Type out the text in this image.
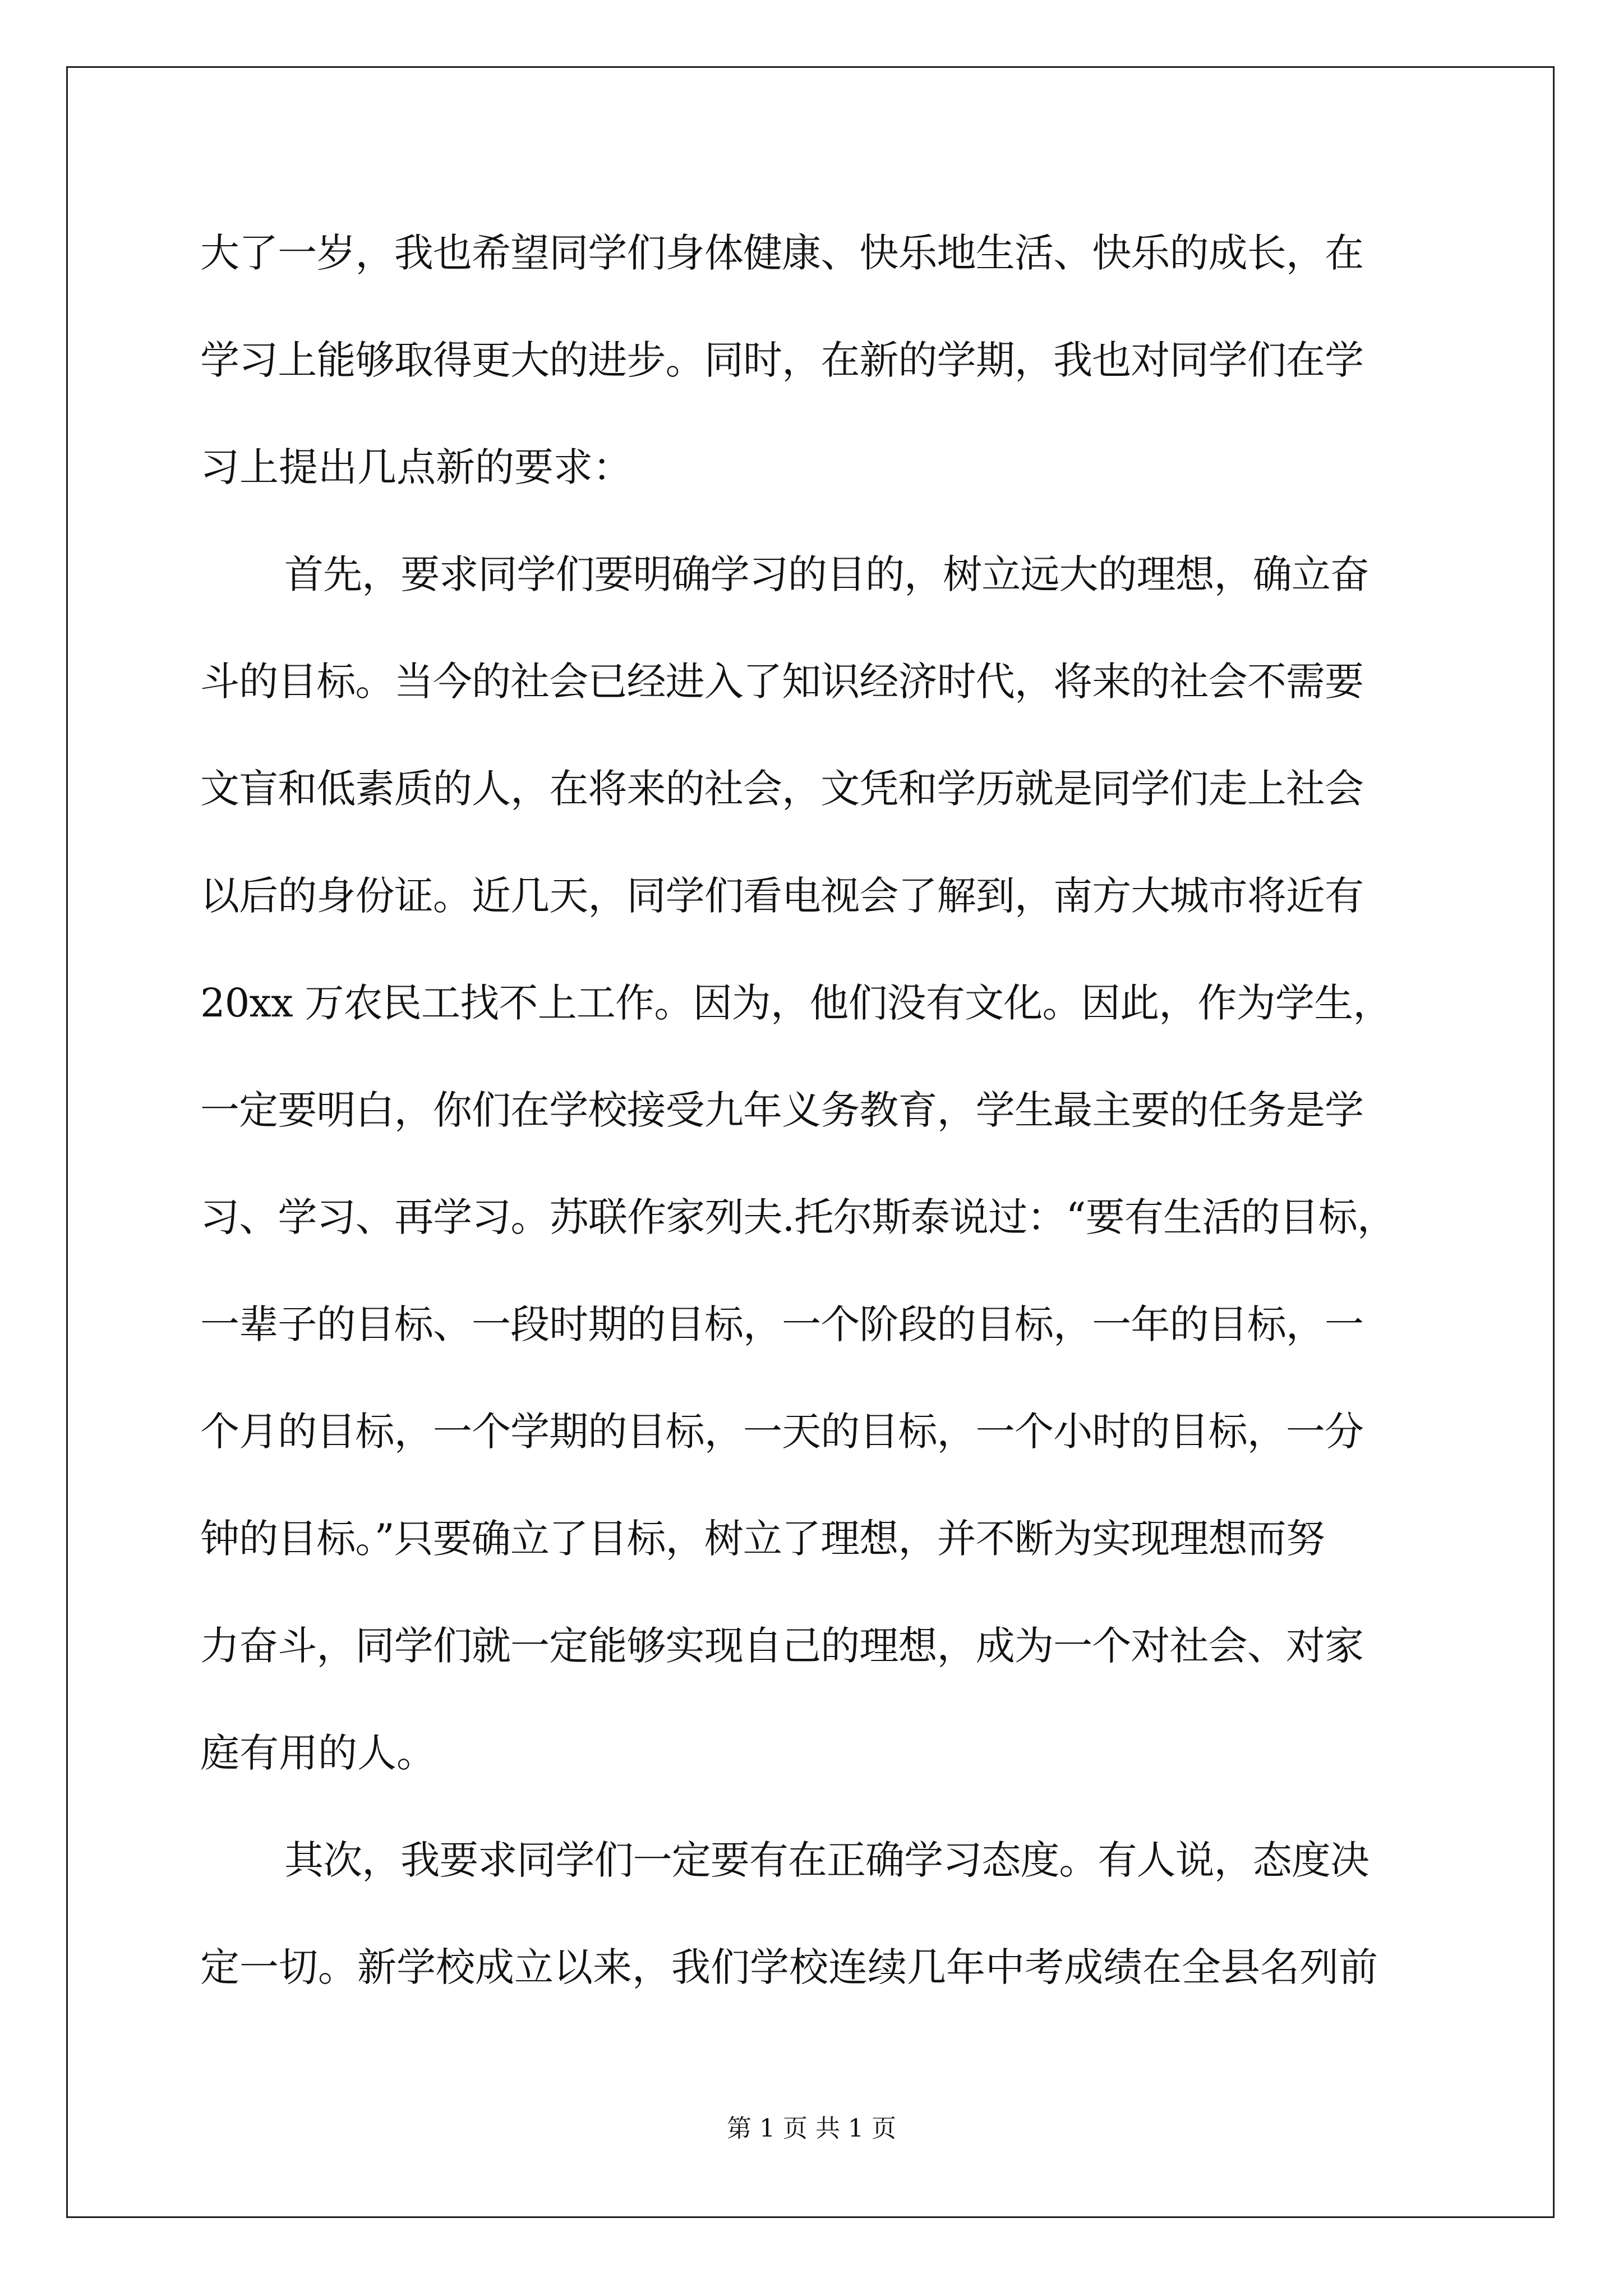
大了一岁，我也希望同学们身体健康、快乐地生活、快乐的成长，在
学习上能够取得更大的进步。同时，在新的学期，我也对同学们在学
习上提出几点新的要求：
首先，要求同学们要明确学习的目的，树立远大的理想，确立奋
斗的目标。当今的社会已经进入了知识经济时代，将来的社会不需要
文盲和低素质的人，在将来的社会，文凭和学历就是同学们走上社会
以后的身份证。近几天，同学们看电视会了解到，南方大城市将近有
20xx 万农民工找不上工作。因为，他们没有文化。因此，作为学生，
一定要明白，你们在学校接受九年义务教育，学生最主要的任务是学
习、学习、再学习。苏联作家列夫.托尔斯泰说过：“要有生活的目标，
一辈子的目标、一段时期的目标，一个阶段的目标，一年的目标，一
个月的目标，一个学期的目标，一天的目标，一个小时的目标，一分
钟的目标。”只要确立了目标，树立了理想，并不断为实现理想而努
力奋斗，同学们就一定能够实现自己的理想，成为一个对社会、对家
庭有用的人。
其次，我要求同学们一定要有在正确学习态度。有人说，态度决
定一切。新学校成立以来，我们学校连续几年中考成绩在全县名列前
第 1 页 共 1 页
